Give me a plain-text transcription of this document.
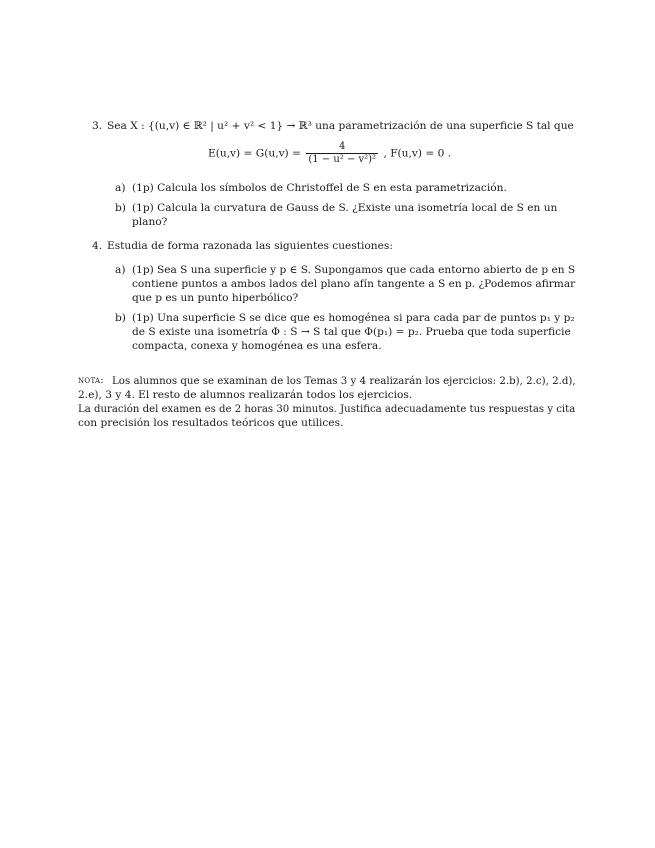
3. Sea X : {(u,v) ∈ ℝ² | u² + v² < 1} → ℝ³ una parametrización de una superficie S tal que
$E(u,v) = G(u,v) = \frac{4}{\text{(1 − u² − v²)²}}$ , F(u,v) = 0 .
a) (1p) Calcula los símbolos de Christoffel de S en esta parametrización.
b) (1p) Calcula la curvatura de Gauss de S. ¿Existe una isometría local de S en un
plano?
4. Estudia de forma razonada las siguientes cuestiones:
a) (1p) Sea S una superficie y p ∈ S. Supongamos que cada entorno abierto de p en S
contiene puntos a ambos lados del plano afín tangente a S en p. ¿Podemos afirmar
que p es un punto hiperbólico?
b) (1p) Una superficie S se dice que es homogénea si para cada par de puntos p₁ y p₂
de S existe una isometría Φ : S → S tal que Φ(p₁) = p₂. Prueba que toda superficie
compacta, conexa y homogénea es una esfera.
nota: Los alumnos que se examinan de los Temas 3 y 4 realizarán los ejercicios: 2.b), 2.c), 2.d),
2.e), 3 y 4. El resto de alumnos realizarán todos los ejercicios.
La duración del examen es de 2 horas 30 minutos. Justifica adecuadamente tus respuestas y cita
con precisión los resultados teóricos que utilices.
